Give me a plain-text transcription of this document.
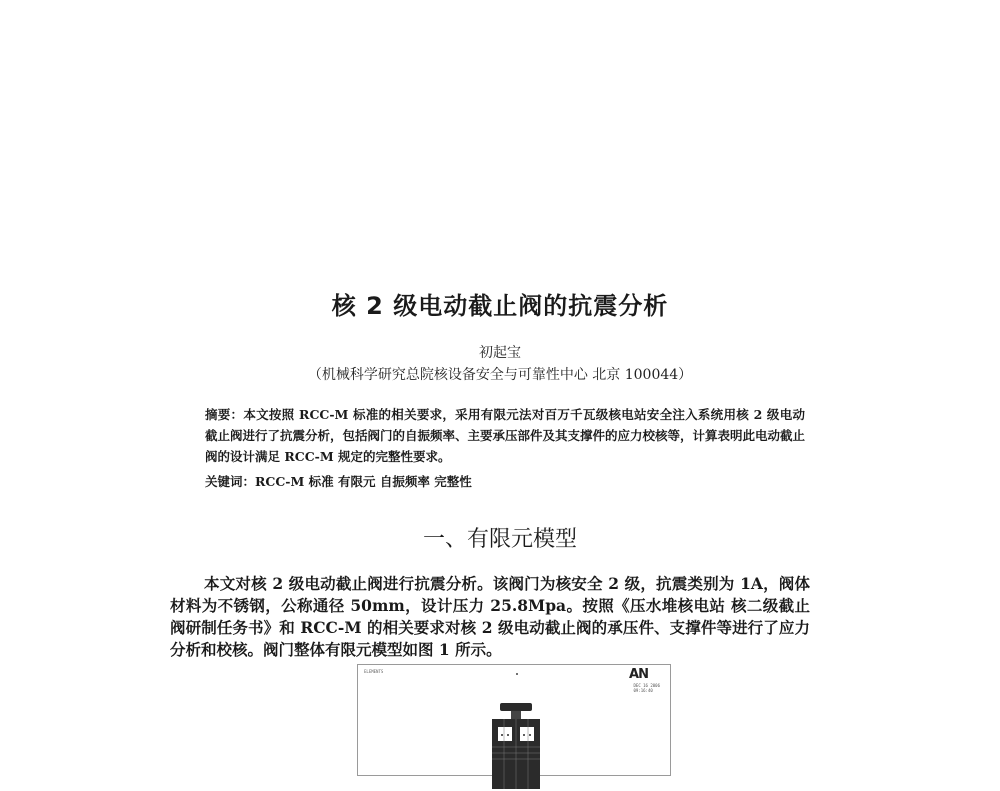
核 2 级电动截止阀的抗震分析
初起宝
（机械科学研究总院核设备安全与可靠性中心 北京 100044）
摘要：本文按照 RCC-M 标准的相关要求，采用有限元法对百万千瓦级核电站安全注入系统用核 2 级电动截止阀进行了抗震分析，包括阀门的自振频率、主要承压部件及其支撑件的应力校核等，计算表明此电动截止阀的设计满足 RCC-M 规定的完整性要求。
关键词：RCC-M 标准 有限元 自振频率 完整性
一、有限元模型
本文对核 2 级电动截止阀进行抗震分析。该阀门为核安全 2 级，抗震类别为 1A，阀体材料为不锈钢，公称通径 50mm，设计压力 25.8Mpa。按照《压水堆核电站 核二级截止阀研制任务书》和 RCC-M 的相关要求对核 2 级电动截止阀的承压件、支撑件等进行了应力分析和校核。阀门整体有限元模型如图 1 所示。
ELEMENTS	AN
DEC 16 2006
09:16:40
